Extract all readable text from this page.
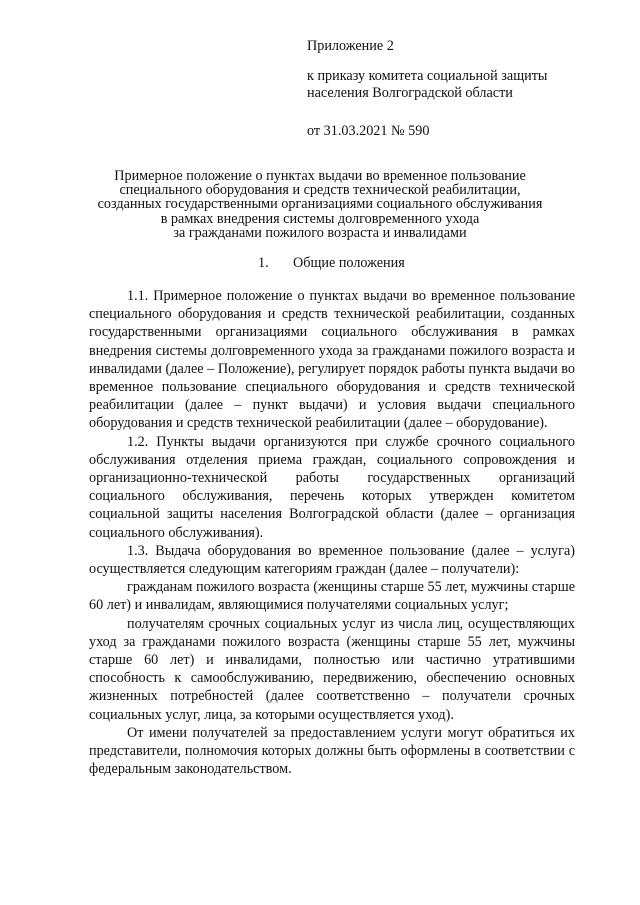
Приложение 2
к приказу комитета социальной защиты
населения Волгоградской области
от 31.03.2021 № 590
Примерное положение о пунктах выдачи во временное пользование
специального оборудования и средств технической реабилитации,
созданных государственными организациями социального обслуживания
в рамках внедрения системы долговременного ухода
за гражданами пожилого возраста и инвалидами
1. Общие положения

1.1. Примерное положение о пунктах выдачи во временное пользование специального оборудования и средств технической реабилитации, созданных государственными организациями социального обслуживания в рамках внедрения системы долговременного ухода за гражданами пожилого возраста и инвалидами (далее – Положение), регулирует порядок работы пункта выдачи во временное пользование специального оборудования и средств технической реабилитации (далее – пункт выдачи) и условия выдачи специального оборудования и средств технической реабилитации (далее – оборудование).

1.2. Пункты выдачи организуются при службе срочного социального обслуживания отделения приема граждан, социального сопровождения и организационно-технической работы государственных организаций социального обслуживания, перечень которых утвержден комитетом социальной защиты населения Волгоградской области (далее – организация социального обслуживания).

1.3. Выдача оборудования во временное пользование (далее – услуга) осуществляется следующим категориям граждан (далее – получатели):

гражданам пожилого возраста (женщины старше 55 лет, мужчины старше 60 лет) и инвалидам, являющимися получателями социальных услуг;

получателям срочных социальных услуг из числа лиц, осуществляющих уход за гражданами пожилого возраста (женщины старше 55 лет, мужчины старше 60 лет) и инвалидами, полностью или частично утратившими способность к самообслуживанию, передвижению, обеспечению основных жизненных потребностей (далее соответственно – получатели срочных социальных услуг, лица, за которыми осуществляется уход).

От имени получателей за предоставлением услуги могут обратиться их представители, полномочия которых должны быть оформлены в соответствии с федеральным законодательством.
